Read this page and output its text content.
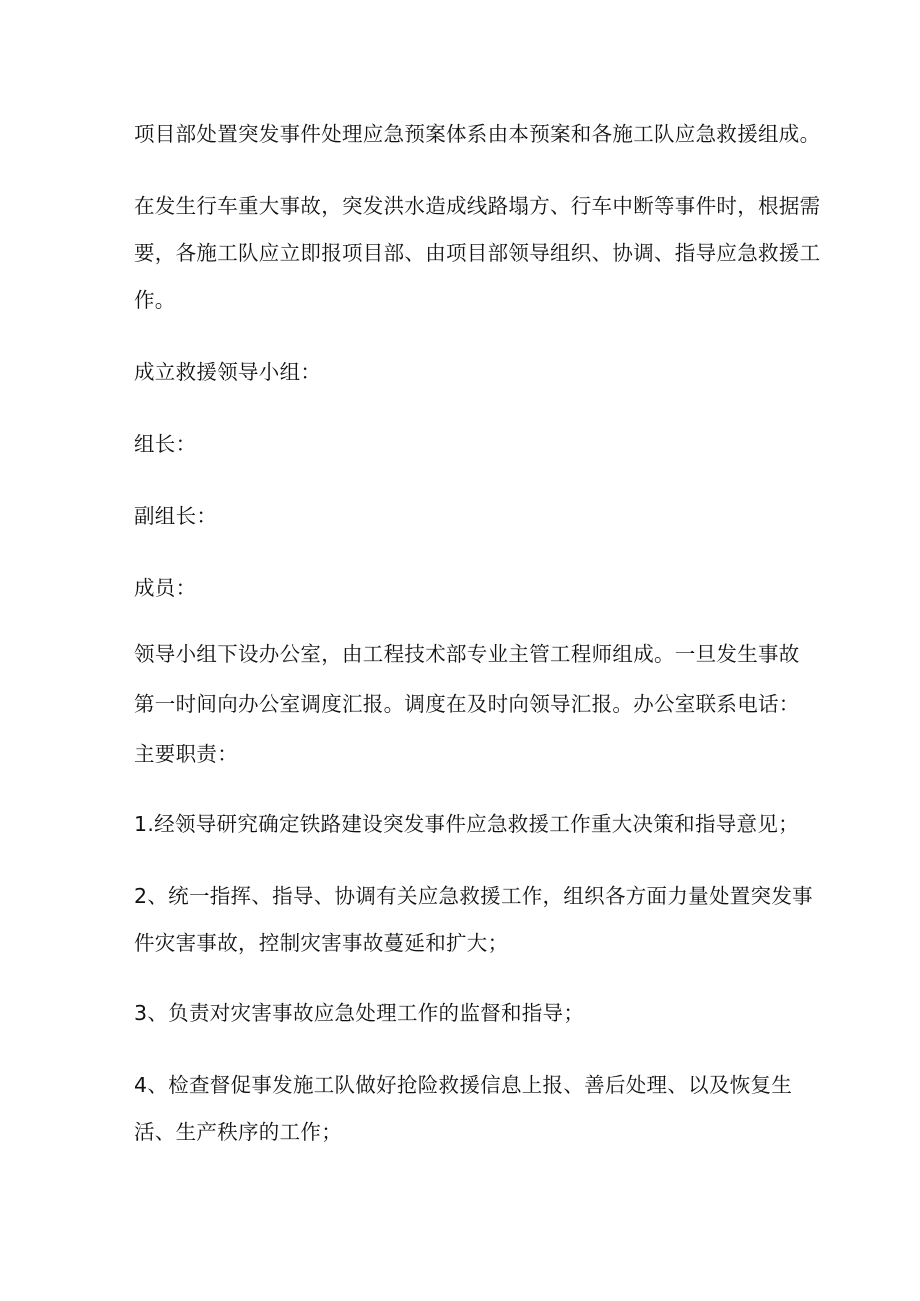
项目部处置突发事件处理应急预案体系由本预案和各施工队应急救援组成。
在发生行车重大事故，突发洪水造成线路塌方、行车中断等事件时，根据需
要，各施工队应立即报项目部、由项目部领导组织、协调、指导应急救援工
作。
成立救援领导小组：
组长：
副组长：
成员：
领导小组下设办公室，由工程技术部专业主管工程师组成。一旦发生事故
第一时间向办公室调度汇报。调度在及时向领导汇报。办公室联系电话：
主要职责：
1.经领导研究确定铁路建设突发事件应急救援工作重大决策和指导意见；
2、统一指挥、指导、协调有关应急救援工作，组织各方面力量处置突发事
件灾害事故，控制灾害事故蔓延和扩大；
3、负责对灾害事故应急处理工作的监督和指导；
4、检查督促事发施工队做好抢险救援信息上报、善后处理、以及恢复生
活、生产秩序的工作；
